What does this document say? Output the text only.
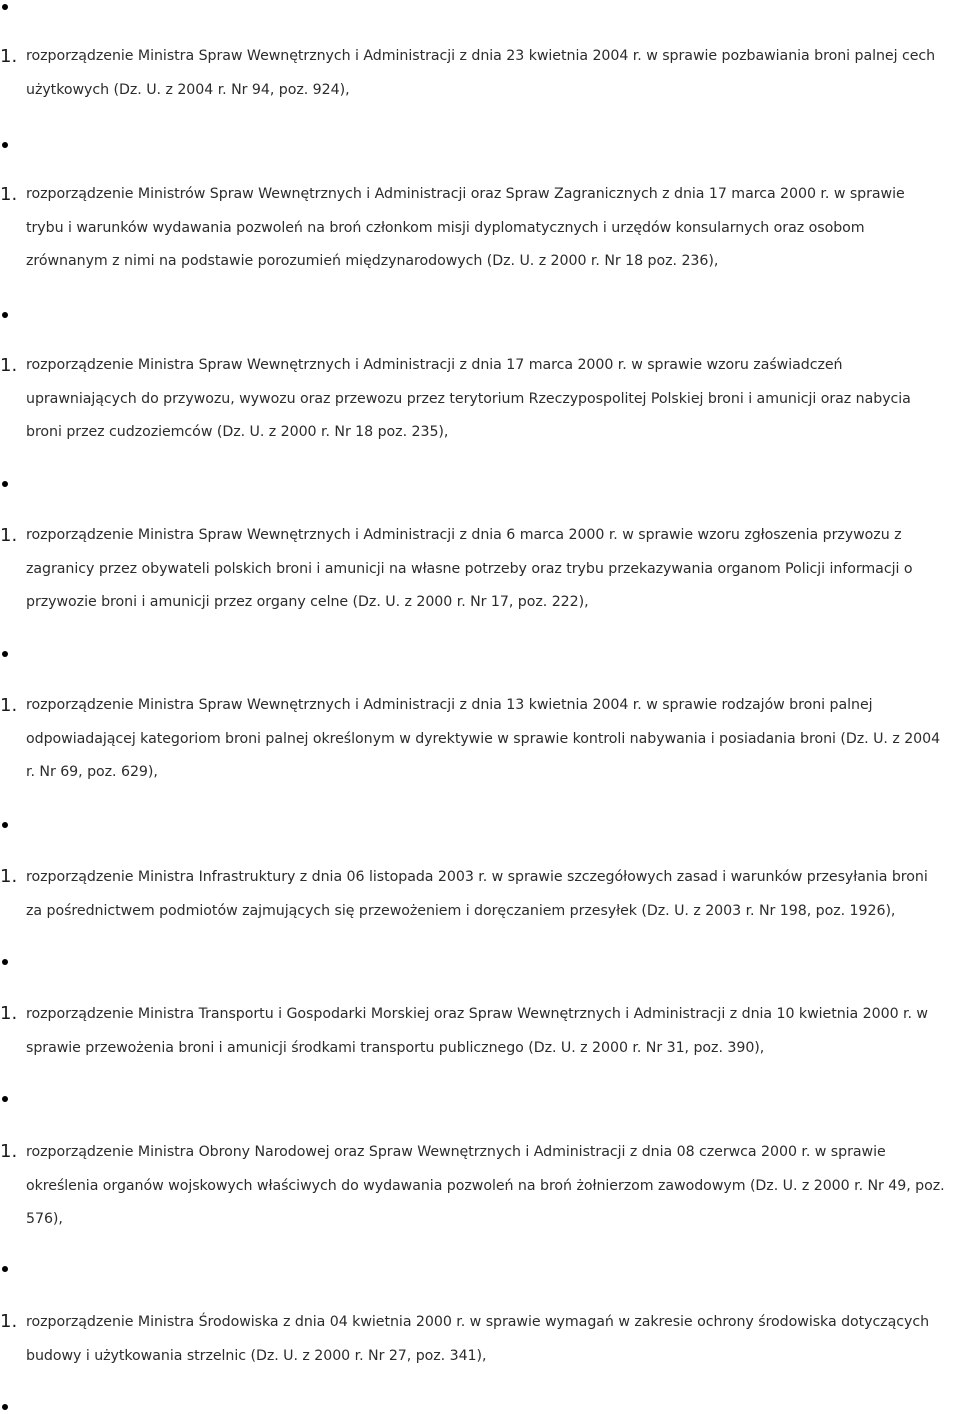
1. rozporządzenie Ministra Spraw Wewnętrznych i Administracji z dnia 23 kwietnia 2004 r. w sprawie pozbawiania broni palnej cech
użytkowych (Dz. U. z 2004 r. Nr 94, poz. 924),
1. rozporządzenie Ministrów Spraw Wewnętrznych i Administracji oraz Spraw Zagranicznych z dnia 17 marca 2000 r. w sprawie
trybu i warunków wydawania pozwoleń na broń członkom misji dyplomatycznych i urzędów konsularnych oraz osobom
zrównanym z nimi na podstawie porozumień międzynarodowych (Dz. U. z 2000 r. Nr 18 poz. 236),
1. rozporządzenie Ministra Spraw Wewnętrznych i Administracji z dnia 17 marca 2000 r. w sprawie wzoru zaświadczeń
uprawniających do przywozu, wywozu oraz przewozu przez terytorium Rzeczypospolitej Polskiej broni i amunicji oraz nabycia
broni przez cudzoziemców (Dz. U. z 2000 r. Nr 18 poz. 235),
1. rozporządzenie Ministra Spraw Wewnętrznych i Administracji z dnia 6 marca 2000 r. w sprawie wzoru zgłoszenia przywozu z
zagranicy przez obywateli polskich broni i amunicji na własne potrzeby oraz trybu przekazywania organom Policji informacji o
przywozie broni i amunicji przez organy celne (Dz. U. z 2000 r. Nr 17, poz. 222),
1. rozporządzenie Ministra Spraw Wewnętrznych i Administracji z dnia 13 kwietnia 2004 r. w sprawie rodzajów broni palnej
odpowiadającej kategoriom broni palnej określonym w dyrektywie w sprawie kontroli nabywania i posiadania broni (Dz. U. z 2004
r. Nr 69, poz. 629),
1. rozporządzenie Ministra Infrastruktury z dnia 06 listopada 2003 r. w sprawie szczegółowych zasad i warunków przesyłania broni
za pośrednictwem podmiotów zajmujących się przewożeniem i doręczaniem przesyłek (Dz. U. z 2003 r. Nr 198, poz. 1926),
1. rozporządzenie Ministra Transportu i Gospodarki Morskiej oraz Spraw Wewnętrznych i Administracji z dnia 10 kwietnia 2000 r. w
sprawie przewożenia broni i amunicji środkami transportu publicznego (Dz. U. z 2000 r. Nr 31, poz. 390),
1. rozporządzenie Ministra Obrony Narodowej oraz Spraw Wewnętrznych i Administracji z dnia 08 czerwca 2000 r. w sprawie
określenia organów wojskowych właściwych do wydawania pozwoleń na broń żołnierzom zawodowym (Dz. U. z 2000 r. Nr 49, poz.
576),
1. rozporządzenie Ministra Środowiska z dnia 04 kwietnia 2000 r. w sprawie wymagań w zakresie ochrony środowiska dotyczących
budowy i użytkowania strzelnic (Dz. U. z 2000 r. Nr 27, poz. 341),
